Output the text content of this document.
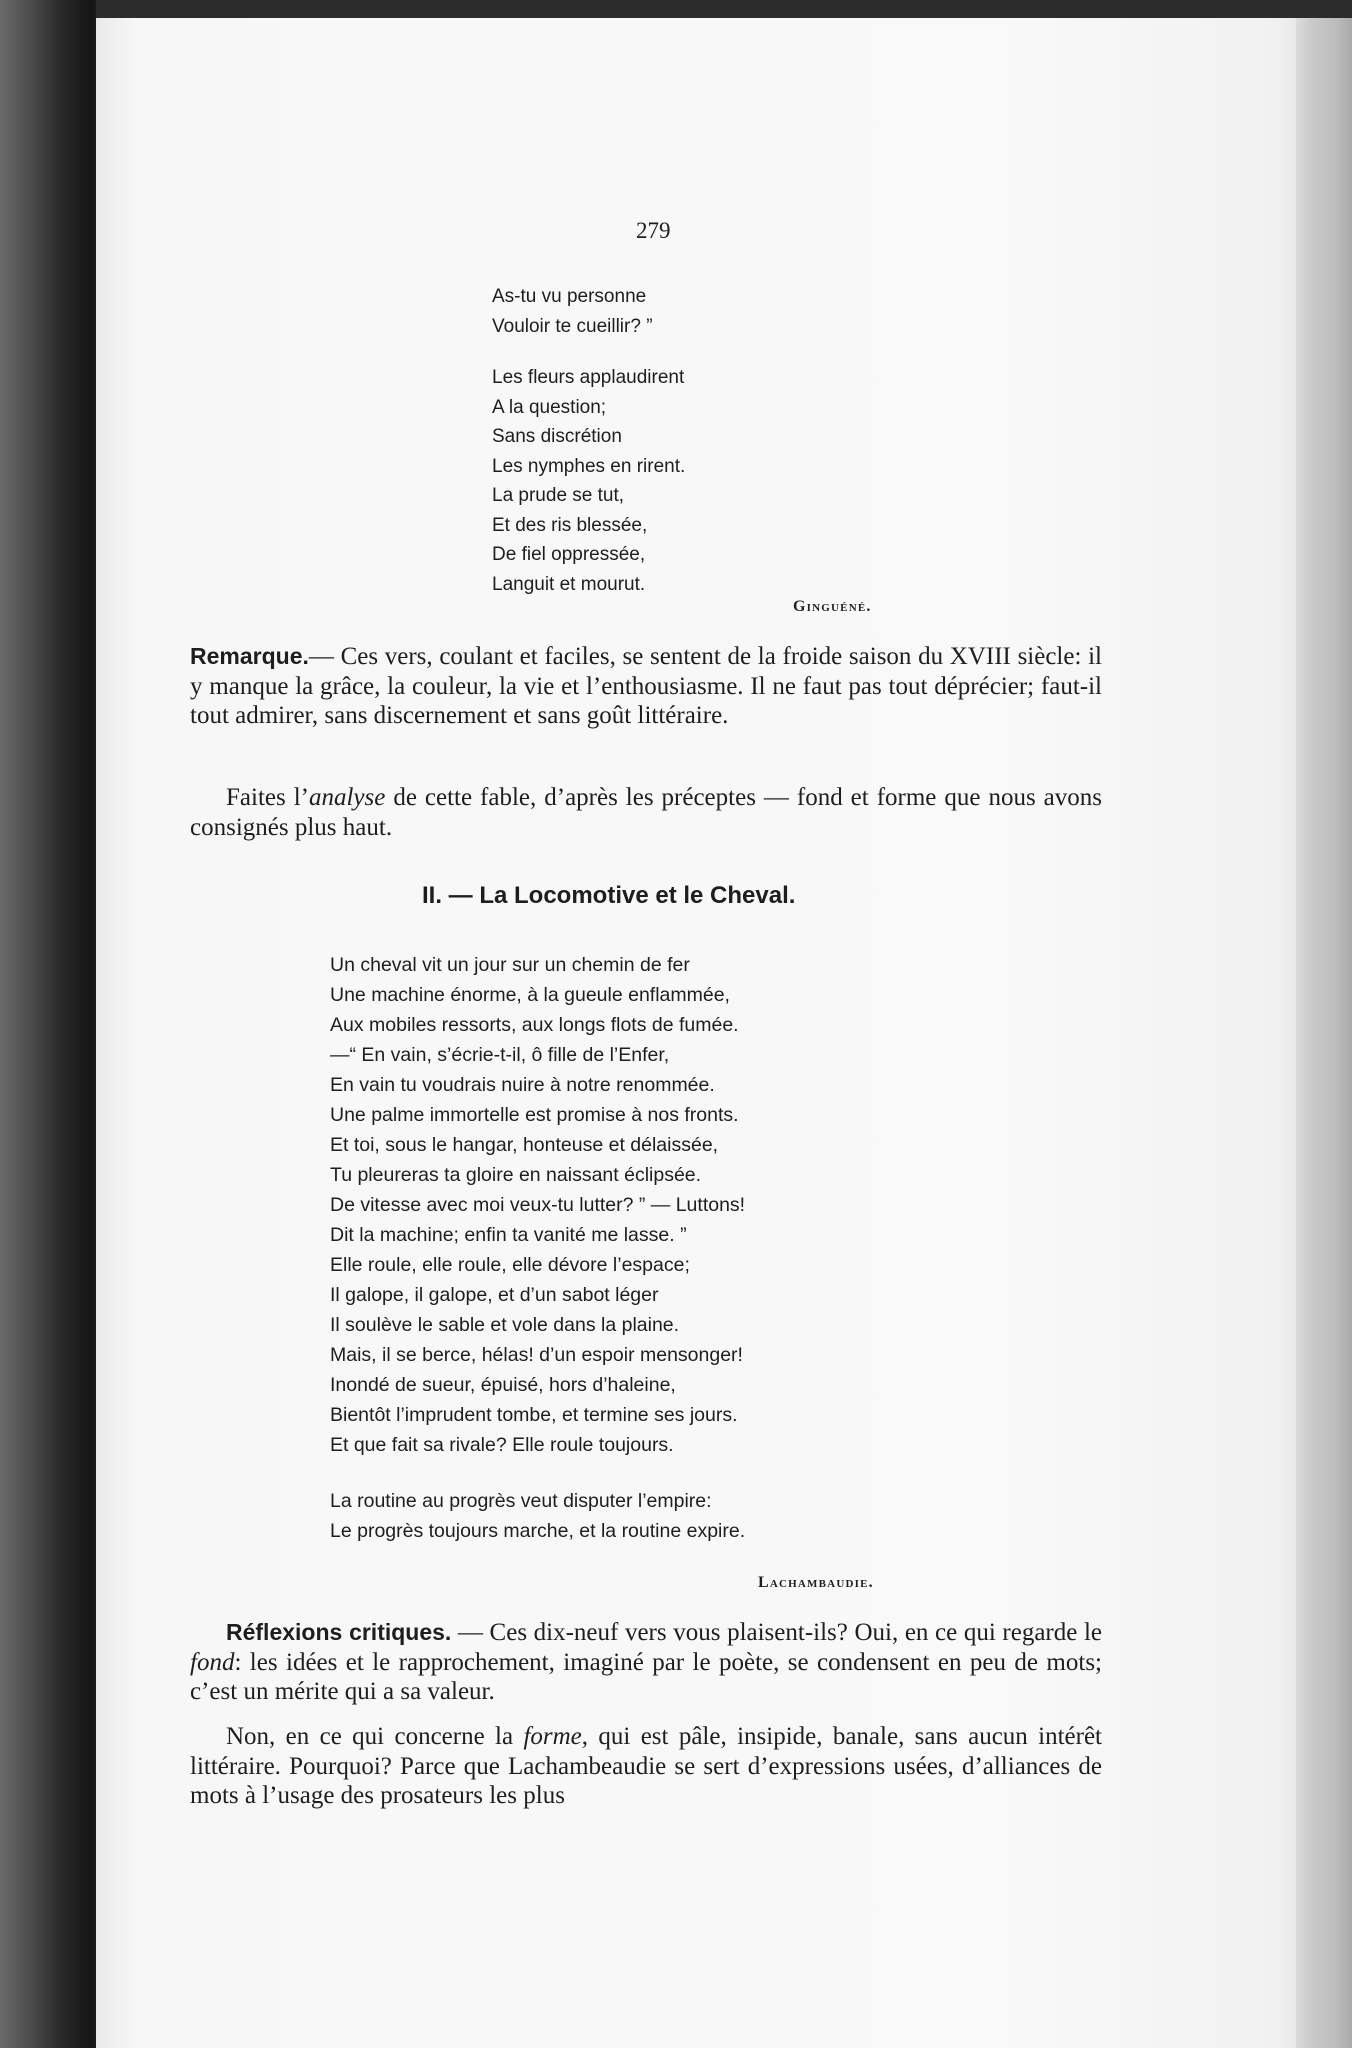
279
As-tu vu personne
Vouloir te cueillir? ”
Les fleurs applaudirent
A la question;
Sans discrétion
Les nymphes en rirent.
La prude se tut,
Et des ris blessée,
De fiel oppressée,
Languit et mourut.
Ginguéné.
Remarque.— Ces vers, coulant et faciles, se sentent de la froide saison du XVIII siècle: il y manque la grâce, la couleur, la vie et l’enthousiasme. Il ne faut pas tout déprécier; faut-il tout admirer, sans discernement et sans goût littéraire.
Faites l’analyse de cette fable, d’après les préceptes — fond et forme que nous avons consignés plus haut.
II. — La Locomotive et le Cheval.
Un cheval vit un jour sur un chemin de fer
Une machine énorme, à la gueule enflammée,
Aux mobiles ressorts, aux longs flots de fumée.
—“ En vain, s’écrie-t-il, ô fille de l’Enfer,
En vain tu voudrais nuire à notre renommée.
Une palme immortelle est promise à nos fronts.
Et toi, sous le hangar, honteuse et délaissée,
Tu pleureras ta gloire en naissant éclipsée.
De vitesse avec moi veux-tu lutter? ” — Luttons!
Dit la machine; enfin ta vanité me lasse. ”
Elle roule, elle roule, elle dévore l’espace;
Il galope, il galope, et d’un sabot léger
Il soulève le sable et vole dans la plaine.
Mais, il se berce, hélas! d’un espoir mensonger!
Inondé de sueur, épuisé, hors d’haleine,
Bientôt l’imprudent tombe, et termine ses jours.
Et que fait sa rivale? Elle roule toujours.
La routine au progrès veut disputer l’empire:
Le progrès toujours marche, et la routine expire.
Lachambaudie.
Réflexions critiques. — Ces dix-neuf vers vous plaisent-ils? Oui, en ce qui regarde le fond: les idées et le rapprochement, imaginé par le poète, se condensent en peu de mots; c’est un mérite qui a sa valeur.
Non, en ce qui concerne la forme, qui est pâle, insipide, banale, sans aucun intérêt littéraire. Pourquoi? Parce que Lachambeaudie se sert d’expressions usées, d’alliances de mots à l’usage des prosateurs les plus
